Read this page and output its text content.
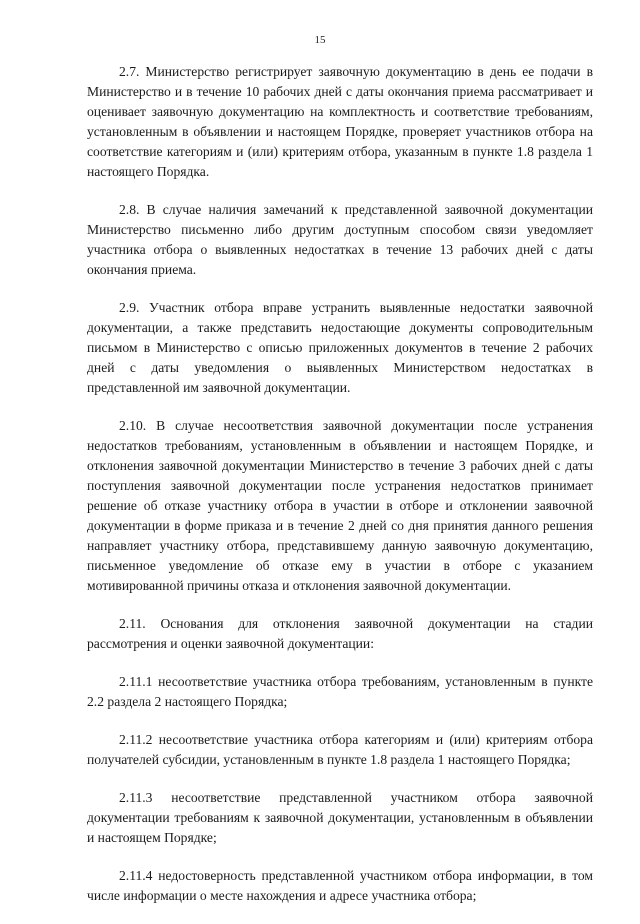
15

2.7. Министерство регистрирует заявочную документацию в день ее подачи в Министерство и в течение 10 рабочих дней с даты окончания приема рассматривает и оценивает заявочную документацию на комплектность и соответствие требованиям, установленным в объявлении и настоящем Порядке, проверяет участников отбора на соответствие категориям и (или) критериям отбора, указанным в пункте 1.8 раздела 1 настоящего Порядка.

2.8. В случае наличия замечаний к представленной заявочной документации Министерство письменно либо другим доступным способом связи уведомляет участника отбора о выявленных недостатках в течение 13 рабочих дней с даты окончания приема.

2.9. Участник отбора вправе устранить выявленные недостатки заявочной документации, а также представить недостающие документы сопроводительным письмом в Министерство с описью приложенных документов в течение 2 рабочих дней с даты уведомления о выявленных Министерством недостатках в представленной им заявочной документации.

2.10. В случае несоответствия заявочной документации после устранения недостатков требованиям, установленным в объявлении и настоящем Порядке, и отклонения заявочной документации Министерство в течение 3 рабочих дней с даты поступления заявочной документации после устранения недостатков принимает решение об отказе участнику отбора в участии в отборе и отклонении заявочной документации в форме приказа и в течение 2 дней со дня принятия данного решения направляет участнику отбора, представившему данную заявочную документацию, письменное уведомление об отказе ему в участии в отборе с указанием мотивированной причины отказа и отклонения заявочной документации.

2.11. Основания для отклонения заявочной документации на стадии рассмотрения и оценки заявочной документации:

2.11.1 несоответствие участника отбора требованиям, установленным в пункте 2.2 раздела 2 настоящего Порядка;

2.11.2 несоответствие участника отбора категориям и (или) критериям отбора получателей субсидии, установленным в пункте 1.8 раздела 1 настоящего Порядка;

2.11.3 несоответствие представленной участником отбора заявочной документации требованиям к заявочной документации, установленным в объявлении и настоящем Порядке;

2.11.4 недостоверность представленной участником отбора информации, в том числе информации о месте нахождения и адресе участника отбора;
